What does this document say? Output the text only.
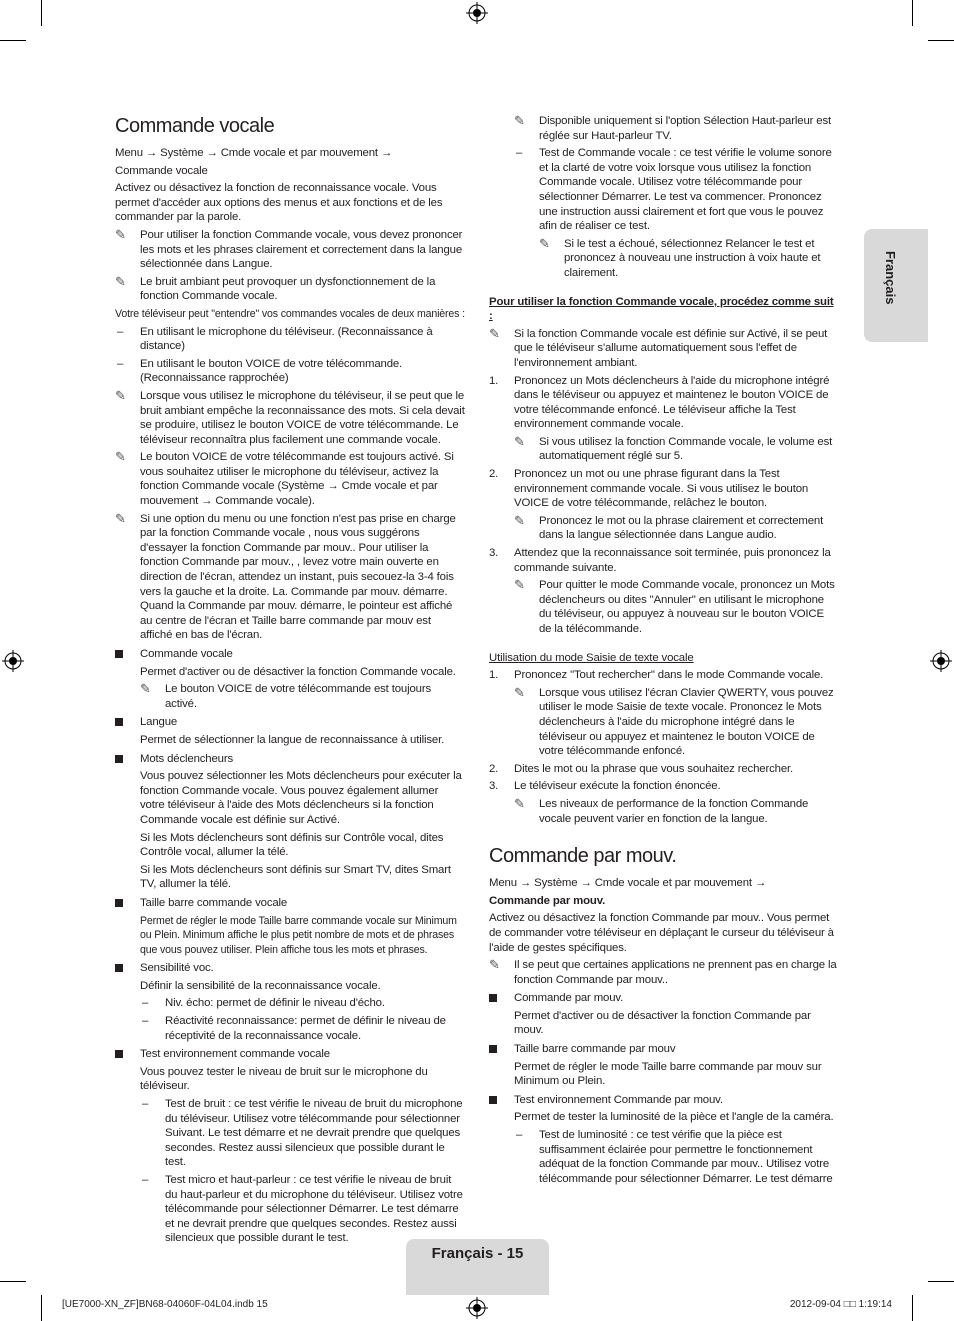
Français
Commande vocale

Menu → Système → Cmde vocale et par mouvement →

Commande vocale

Activez ou désactivez la fonction de reconnaissance vocale. Vous permet d'accéder aux options des menus et aux fonctions et de les commander par la parole.

✎ Pour utiliser la fonction Commande vocale, vous devez prononcer les mots et les phrases clairement et correctement dans la langue sélectionnée dans Langue.
✎ Le bruit ambiant peut provoquer un dysfonctionnement de la fonction Commande vocale.

Votre téléviseur peut "entendre" vos commandes vocales de deux manières :

– En utilisant le microphone du téléviseur. (Reconnaissance à distance)
– En utilisant le bouton VOICE de votre télécommande. (Reconnaissance rapprochée)
✎ Lorsque vous utilisez le microphone du téléviseur, il se peut que le bruit ambiant empêche la reconnaissance des mots. Si cela devait se produire, utilisez le bouton VOICE de votre télécommande. Le téléviseur reconnaîtra plus facilement une commande vocale.
✎ Le bouton VOICE de votre télécommande est toujours activé. Si vous souhaitez utiliser le microphone du téléviseur, activez la fonction Commande vocale (Système → Cmde vocale et par mouvement → Commande vocale).
✎ Si une option du menu ou une fonction n'est pas prise en charge par la fonction Commande vocale , nous vous suggérons d'essayer la fonction Commande par mouv.. Pour utiliser la fonction Commande par mouv., , levez votre main ouverte en direction de l'écran, attendez un instant, puis secouez-la 3-4 fois vers la gauche et la droite. La. Commande par mouv. démarre. Quand la Commande par mouv. démarre, le pointeur est affiché au centre de l'écran et Taille barre commande par mouv est affiché en bas de l'écran.
Commande vocale

Permet d'activer ou de désactiver la fonction Commande vocale.

✎ Le bouton VOICE de votre télécommande est toujours activé.
Langue

Permet de sélectionner la langue de reconnaissance à utiliser.

Mots déclencheurs

Vous pouvez sélectionner les Mots déclencheurs pour exécuter la fonction Commande vocale. Vous pouvez également allumer votre téléviseur à l'aide des Mots déclencheurs si la fonction Commande vocale est définie sur Activé.

Si les Mots déclencheurs sont définis sur Contrôle vocal, dites Contrôle vocal, allumer la télé.

Si les Mots déclencheurs sont définis sur Smart TV, dites Smart TV, allumer la télé.

Taille barre commande vocale

Permet de régler le mode Taille barre commande vocale sur Minimum ou Plein. Minimum affiche le plus petit nombre de mots et de phrases que vous pouvez utiliser. Plein affiche tous les mots et phrases.

Sensibilité voc.

Définir la sensibilité de la reconnaissance vocale.

– Niv. écho: permet de définir le niveau d'écho.
– Réactivité reconnaissance: permet de définir le niveau de réceptivité de la reconnaissance vocale.
Test environnement commande vocale

Vous pouvez tester le niveau de bruit sur le microphone du téléviseur.

– Test de bruit : ce test vérifie le niveau de bruit du microphone du téléviseur. Utilisez votre télécommande pour sélectionner Suivant. Le test démarre et ne devrait prendre que quelques secondes. Restez aussi silencieux que possible durant le test.
– Test micro et haut-parleur : ce test vérifie le niveau de bruit du haut-parleur et du microphone du téléviseur. Utilisez votre télécommande pour sélectionner Démarrer. Le test démarre et ne devrait prendre que quelques secondes. Restez aussi silencieux que possible durant le test.
✎ Disponible uniquement si l'option Sélection Haut-parleur est réglée sur Haut-parleur TV.
– Test de Commande vocale : ce test vérifie le volume sonore et la clarté de votre voix lorsque vous utilisez la fonction Commande vocale. Utilisez votre télécommande pour sélectionner Démarrer. Le test va commencer. Prononcez une instruction aussi clairement et fort que vous le pouvez afin de réaliser ce test.
✎ Si le test a échoué, sélectionnez Relancer le test et prononcez à nouveau une instruction à voix haute et clairement.

Pour utiliser la fonction Commande vocale, procédez comme suit :

✎ Si la fonction Commande vocale est définie sur Activé, il se peut que le téléviseur s'allume automatiquement sous l'effet de l'environnement ambiant.
1. Prononcez un Mots déclencheurs à l'aide du microphone intégré dans le téléviseur ou appuyez et maintenez le bouton VOICE de votre télécommande enfoncé. Le téléviseur affiche la Test environnement commande vocale.
✎ Si vous utilisez la fonction Commande vocale, le volume est automatiquement réglé sur 5.
2. Prononcez un mot ou une phrase figurant dans la Test environnement commande vocale. Si vous utilisez le bouton VOICE de votre télécommande, relâchez le bouton.
✎ Prononcez le mot ou la phrase clairement et correctement dans la langue sélectionnée dans Langue audio.
3. Attendez que la reconnaissance soit terminée, puis prononcez la commande suivante.
✎ Pour quitter le mode Commande vocale, prononcez un Mots déclencheurs ou dites "Annuler" en utilisant le microphone du téléviseur, ou appuyez à nouveau sur le bouton VOICE de la télécommande.

Utilisation du mode Saisie de texte vocale

1. Prononcez "Tout rechercher" dans le mode Commande vocale.
✎ Lorsque vous utilisez l'écran Clavier QWERTY, vous pouvez utiliser le mode Saisie de texte vocale. Prononcez le Mots déclencheurs à l'aide du microphone intégré dans le téléviseur ou appuyez et maintenez le bouton VOICE de votre télécommande enfoncé.
2. Dites le mot ou la phrase que vous souhaitez rechercher.
3. Le téléviseur exécute la fonction énoncée.
✎ Les niveaux de performance de la fonction Commande vocale peuvent varier en fonction de la langue.
Commande par mouv.

Menu → Système → Cmde vocale et par mouvement →

Commande par mouv.

Activez ou désactivez la fonction Commande par mouv.. Vous permet de commander votre téléviseur en déplaçant le curseur du téléviseur à l'aide de gestes spécifiques.

✎ Il se peut que certaines applications ne prennent pas en charge la fonction Commande par mouv..
Commande par mouv.

Permet d'activer ou de désactiver la fonction Commande par mouv.

Taille barre commande par mouv

Permet de régler le mode Taille barre commande par mouv sur Minimum ou Plein.

Test environnement Commande par mouv.

Permet de tester la luminosité de la pièce et l'angle de la caméra.

– Test de luminosité : ce test vérifie que la pièce est suffisamment éclairée pour permettre le fonctionnement adéquat de la fonction Commande par mouv.. Utilisez votre télécommande pour sélectionner Démarrer. Le test démarre
Français - 15
[UE7000-XN_ZF]BN68-04060F-04L04.indb 15	2012-09-04 □□ 1:19:14
